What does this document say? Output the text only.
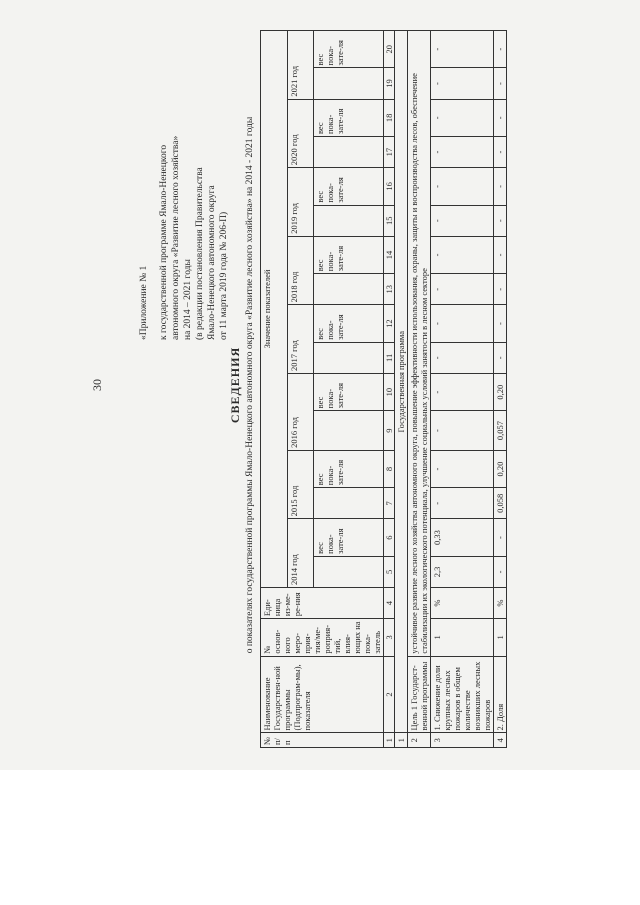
30
«Приложение № 1 к государственной программе Ямало-Ненецкого автономного округа «Развитие лесного хозяйства» на 2014 – 2021 годы (в редакции постановления Правительства Ямало-Ненецкого автономного округа от 11 марта 2019 года № 206-П)
СВЕДЕНИЯ о показателях государственной программы Ямало-Ненецкого автономного округа «Развитие лесного хозяйства» на 2014 - 2021 годы
№ п/п	Наименование Государствен-ной программы (Подпрограм-мы), показателя	№ основ-ного меро-прия-тия/ме-роприя-тий, влия-ющих на пока-затель	Еди-ница из-ме-ре-ния	Значение показателей															
				2014 год		2015 год		2016 год		2017 год		2018 год		2019 год		2020 год		2021 год	
					вес пока-зате-ля		вес пока-зате-ля		вес пока-зате-ля		вес пока-зате-ля		вес пока-зате-ля		вес пока-зате-ля		вес пока-зате-ля		вес пока-зате-ля
1	2	3	4	5	6	7	8	9	10	11	12	13	14	15	16	17	18	19	20
1	Государственная программа																		
2	Цель 1 Государст-венной программы	устойчивое развитие лесного хозяйства автономного округа, повышение эффективности использования, охраны, защиты и воспроизводства лесов, обеспечение стабилизации их экологического потенциала, улучшение социальных условий занятости в лесном секторе																	
3	1. Снижение доли крупных лесных пожаров в общем количестве возникших лесных пожаров	1	%	2,3	0,33	-	-	-	-	-	-	-	-	-	-	-	-	-	-
4	2. Доля	1	%	-	-	0,058	0,20	0,057	0,20	-	-	-	-	-	-	-	-	-	-
